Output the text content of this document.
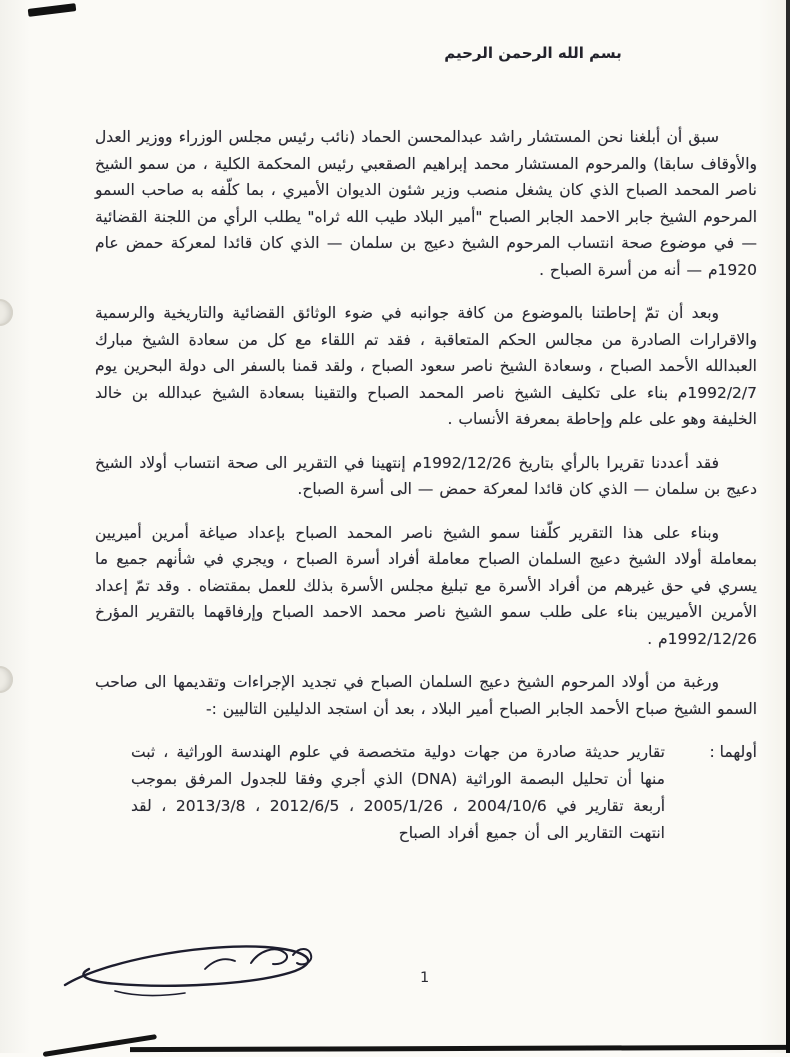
بسم الله الرحمن الرحيم

سبق أن أبلغنا نحن المستشار راشد عبدالمحسن الحماد (نائب رئيس مجلس الوزراء ووزير العدل والأوقاف سابقا) والمرحوم المستشار محمد إبراهيم الصقعبي رئيس المحكمة الكلية ، من سمو الشيخ ناصر المحمد الصباح الذي كان يشغل منصب وزير شئون الديوان الأميري ، بما كلّفه به صاحب السمو المرحوم الشيخ جابر الاحمد الجابر الصباح "أمير البلاد طيب الله ثراه" يطلب الرأي من اللجنة القضائية — في موضوع صحة انتساب المرحوم الشيخ دعيج بن سلمان — الذي كان قائدا لمعركة حمض عام 1920م — أنه من أسرة الصباح .

وبعد أن تمّ إحاطتنا بالموضوع من كافة جوانبه في ضوء الوثائق القضائية والتاريخية والرسمية والاقرارات الصادرة من مجالس الحكم المتعاقبة ، فقد تم اللقاء مع كل من سعادة الشيخ مبارك العبدالله الأحمد الصباح ، وسعادة الشيخ ناصر سعود الصباح ، ولقد قمنا بالسفر الى دولة البحرين يوم 1992/2/7م بناء على تكليف الشيخ ناصر المحمد الصباح والتقينا بسعادة الشيخ عبدالله بن خالد الخليفة وهو على علم وإحاطة بمعرفة الأنساب .

فقد أعددنا تقريرا بالرأي بتاريخ 1992/12/26م إنتهينا في التقرير الى صحة انتساب أولاد الشيخ دعيج بن سلمان — الذي كان قائدا لمعركة حمض — الى أسرة الصباح.

وبناء على هذا التقرير كلّفنا سمو الشيخ ناصر المحمد الصباح بإعداد صياغة أمرين أميريين بمعاملة أولاد الشيخ دعيج السلمان الصباح معاملة أفراد أسرة الصباح ، ويجري في شأنهم جميع ما يسري في حق غيرهم من أفراد الأسرة مع تبليغ مجلس الأسرة بذلك للعمل بمقتضاه . وقد تمّ إعداد الأمرين الأميريين بناء على طلب سمو الشيخ ناصر محمد الاحمد الصباح وإرفاقهما بالتقرير المؤرخ 1992/12/26م .

ورغبة من أولاد المرحوم الشيخ دعيج السلمان الصباح في تجديد الإجراءات وتقديمها الى صاحب السمو الشيخ صباح الأحمد الجابر الصباح أمير البلاد ، بعد أن استجد الدليلين التاليين :-

أولهما :
تقارير حديثة صادرة من جهات دولية متخصصة في علوم الهندسة الوراثية ، ثبت منها أن تحليل البصمة الوراثية (DNA) الذي أجري وفقا للجدول المرفق بموجب أربعة تقارير في 2004/10/6 ، 2005/1/26 ، 2012/6/5 ، 2013/3/8 ، لقد انتهت التقارير الى أن جميع أفراد الصباح
1
